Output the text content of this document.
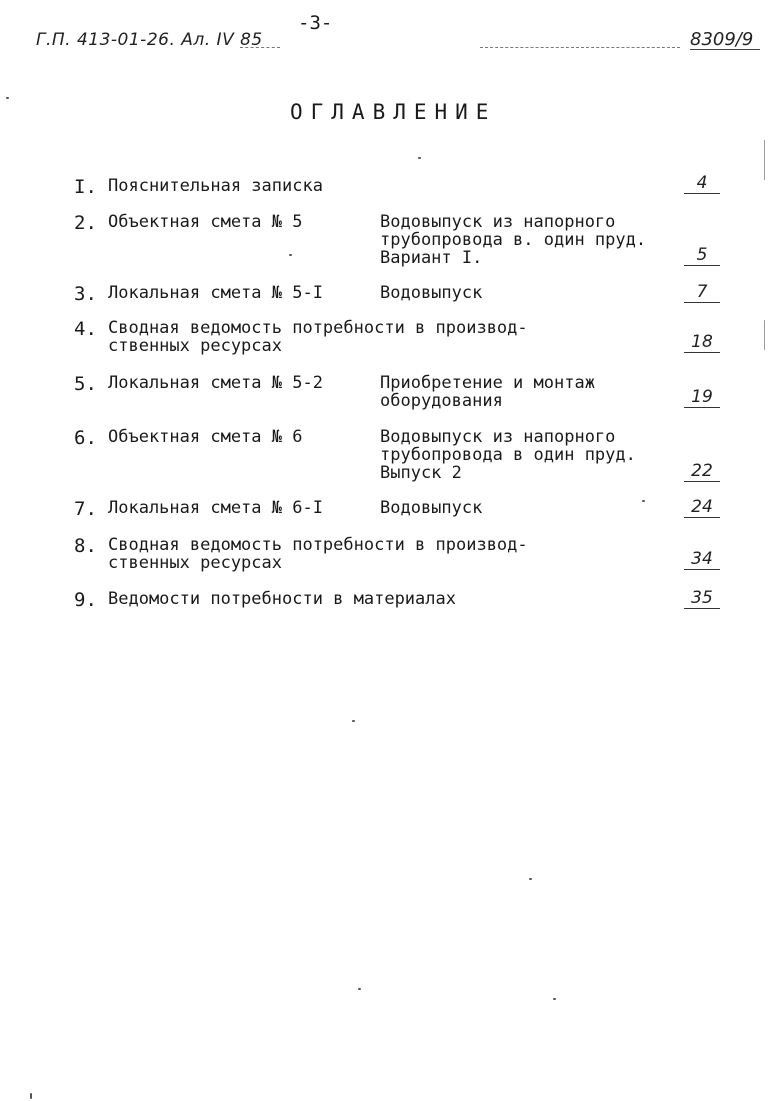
Г.П. 413-01-26. Ал. IV 85
-3-
8309/9
ОГЛАВЛЕНИЕ
I. Пояснительная записка	4
2. Объектная смета № 5	Водовыпуск из напорного
трубопровода в. один пруд.
Вариант I.	5
3. Локальная смета № 5-I	Водовыпуск	7
4. Сводная ведомость потребности в производ-
ственных ресурсах	18
5. Локальная смета № 5-2	Приобретение и монтаж
оборудования	19
6. Объектная смета № 6	Водовыпуск из напорного
трубопровода в один пруд.
Выпуск 2	22
7. Локальная смета № 6-I	Водовыпуск	24
8. Сводная ведомость потребности в производ-
ственных ресурсах	34
9. Ведомости потребности в материалах	35
